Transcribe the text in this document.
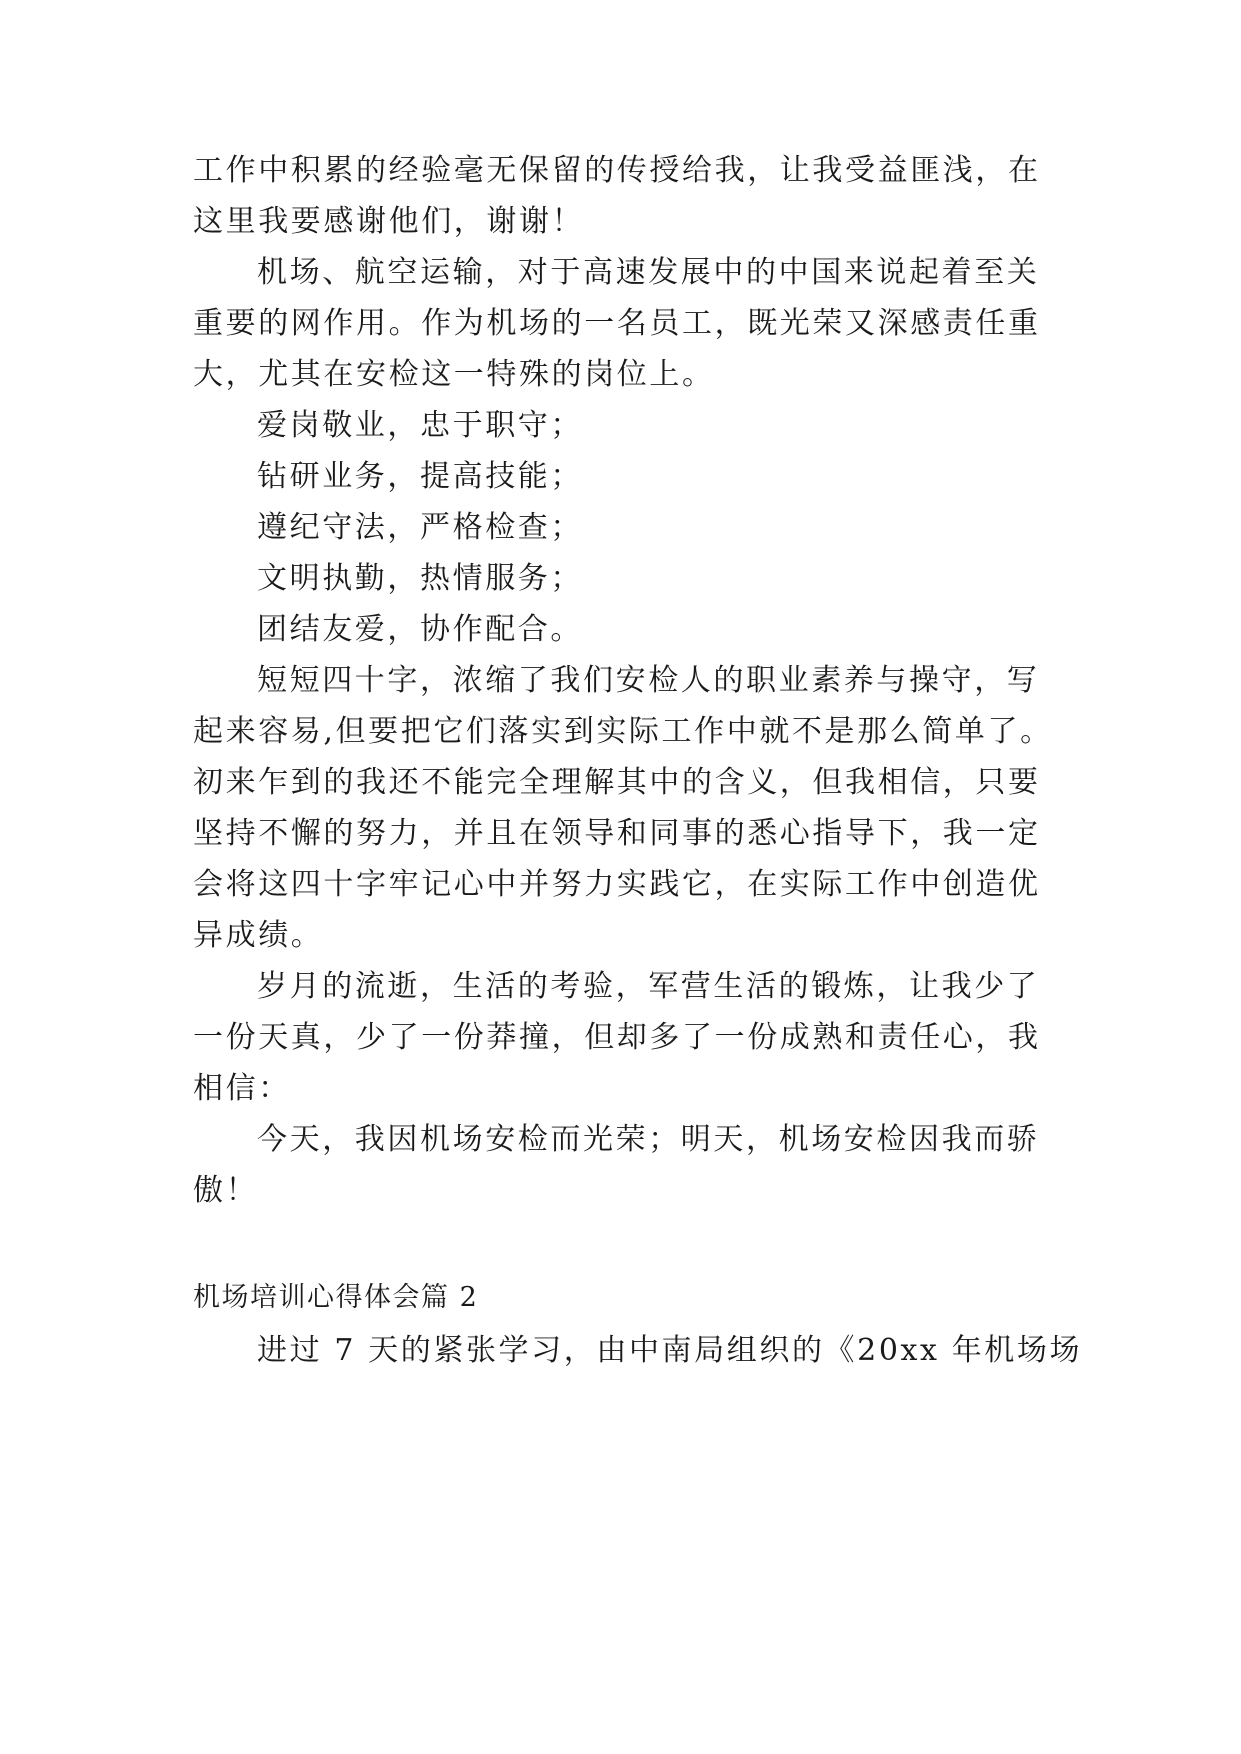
工作中积累的经验毫无保留的传授给我，让我受益匪浅，在
这里我要感谢他们，谢谢！
机场、航空运输，对于高速发展中的中国来说起着至关
重要的网作用。作为机场的一名员工，既光荣又深感责任重
大，尤其在安检这一特殊的岗位上。
爱岗敬业，忠于职守；
钻研业务，提高技能；
遵纪守法，严格检查；
文明执勤，热情服务；
团结友爱，协作配合。
短短四十字，浓缩了我们安检人的职业素养与操守，写
起来容易,但要把它们落实到实际工作中就不是那么简单了。
初来乍到的我还不能完全理解其中的含义，但我相信，只要
坚持不懈的努力，并且在领导和同事的悉心指导下，我一定
会将这四十字牢记心中并努力实践它，在实际工作中创造优
异成绩。
岁月的流逝，生活的考验，军营生活的锻炼，让我少了
一份天真，少了一份莽撞，但却多了一份成熟和责任心，我
相信：
今天，我因机场安检而光荣；明天，机场安检因我而骄
傲！
机场培训心得体会篇 2
进过 7 天的紧张学习，由中南局组织的《20xx 年机场场
